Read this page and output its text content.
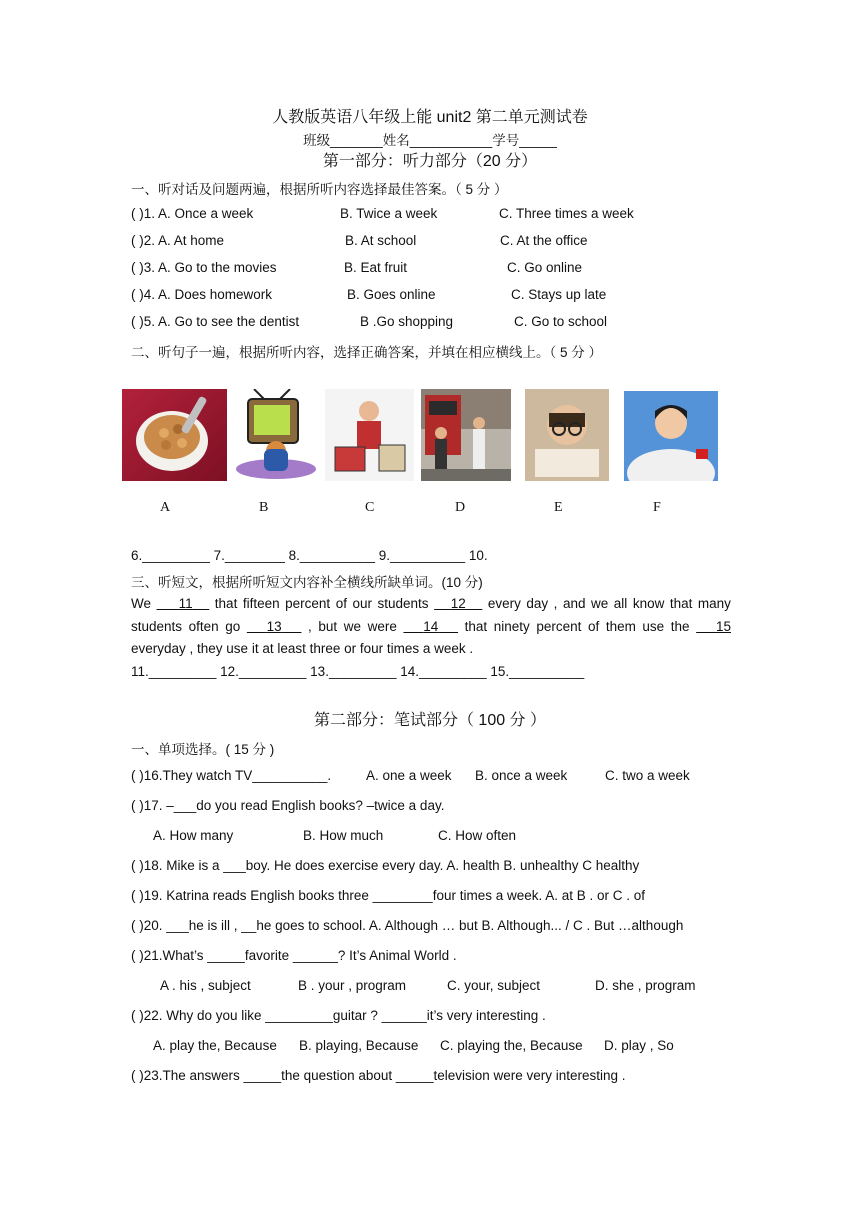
人教版英语八年级上能 unit2 第二单元测试卷
班级_______姓名___________学号_____
第一部分：听力部分（20 分）
一、听对话及问题两遍，根据所听内容选择最佳答案。（ 5 分 ）
( )1. A. Once a week	B. Twice a week	C. Three times a week
( )2. A. At home	B. At school	C. At the office
( )3. A. Go to the movies	B. Eat fruit	C. Go online
( )4. A. Does homework	B. Goes online	C. Stays up late
( )5. A. Go to see the dentist	B .Go shopping	C. Go to school
二、听句子一遍，根据所听内容，选择正确答案，并填在相应横线上。（ 5 分 ）
A	B	C	D	E	F
6._________ 7.________ 8.__________ 9.__________ 10.
三、听短文，根据所听短文内容补全横线所缺单词。(10 分)
We 11 that fifteen percent of our students 12 every day , and we all know that many
students often go 13 , but we were 14 that ninety percent of them use the 15
everyday , they use it at least three or four times a week .
11._________ 12._________ 13._________ 14._________ 15.__________
第二部分：笔试部分（ 100 分 ）
一、单项选择。( 15 分 )
( )16.They watch TV__________.	A. one a week B. once a week	C. two a week
( )17. –___do you read English books? –twice a day.
A. How many	B. How much	C. How often
( )18. Mike is a ___boy. He does exercise every day. A. health B. unhealthy C healthy
( )19. Katrina reads English books three ________four times a week. A. at B . or C . of
( )20. ___he is ill , __he goes to school. A. Although … but B. Although... / C . But …although
( )21.What’s _____favorite ______? It’s Animal World .
A . his , subject	B . your , program	C. your, subject	D. she , program
( )22. Why do you like _________guitar ? ______it’s very interesting .
A. play the, Because B. playing, Because C. playing the, Because D. play , So
( )23.The answers _____the question about _____television were very interesting .
